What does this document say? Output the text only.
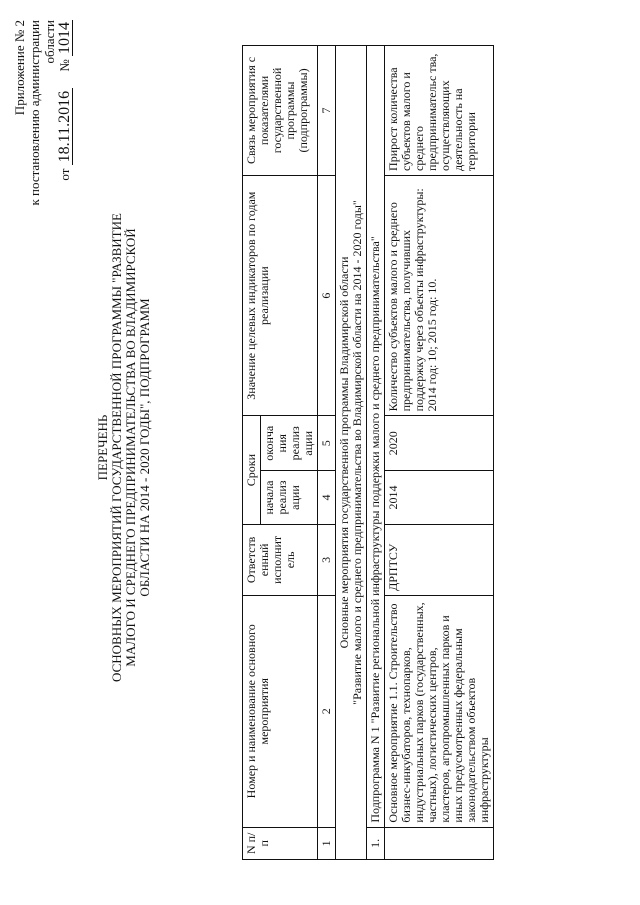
Приложение № 2 к постановлению администрации области
от 18.11.2016     № 1014
ПЕРЕЧЕНЬ ОСНОВНЫХ МЕРОПРИЯТИЙ ГОСУДАРСТВЕННОЙ ПРОГРАММЫ "РАЗВИТИЕ МАЛОГО И СРЕДНЕГО ПРЕДПРИНИМАТЕЛЬСТВА ВО ВЛАДИМИРСКОЙ ОБЛАСТИ НА 2014 - 2020 ГОДЫ", ПОДПРОГРАММ
N п/п	Номер и наименование основного мероприятия	Ответств енный исполнит ель	Сроки		Значение целевых индикаторов по годам реализации	Связь мероприятия с показателями государственной программы (подпрограммы)
			начала реализ ации	оконча ния реализ ации		
1	2	3	4	5	6	7

Основные мероприятия государственной программы Владимирской области "Развитие малого и среднего предпринимательства во Владимирской области на 2014 - 2020 годы"						

1.	Подпрограмма N 1 "Развитие региональной инфраструктуры поддержки малого и среднего предпринимательства"					
	Основное мероприятие 1.1. Строительство бизнес-инкубаторов, технопарков, индустриальных парков (государственных, частных), логистических центров, кластеров, агропромышленных парков и иных предусмотренных федеральным законодательством объектов инфраструктуры	ДРПТСУ	2014	2020	Количество субъектов малого и среднего предпринимательства, получивших поддержку через объекты инфраструктуры: 2014 год: 10; 2015 год: 10.	Прирост количества субъектов малого и среднего предпринимательс тва, осуществляющих деятельность на территории
